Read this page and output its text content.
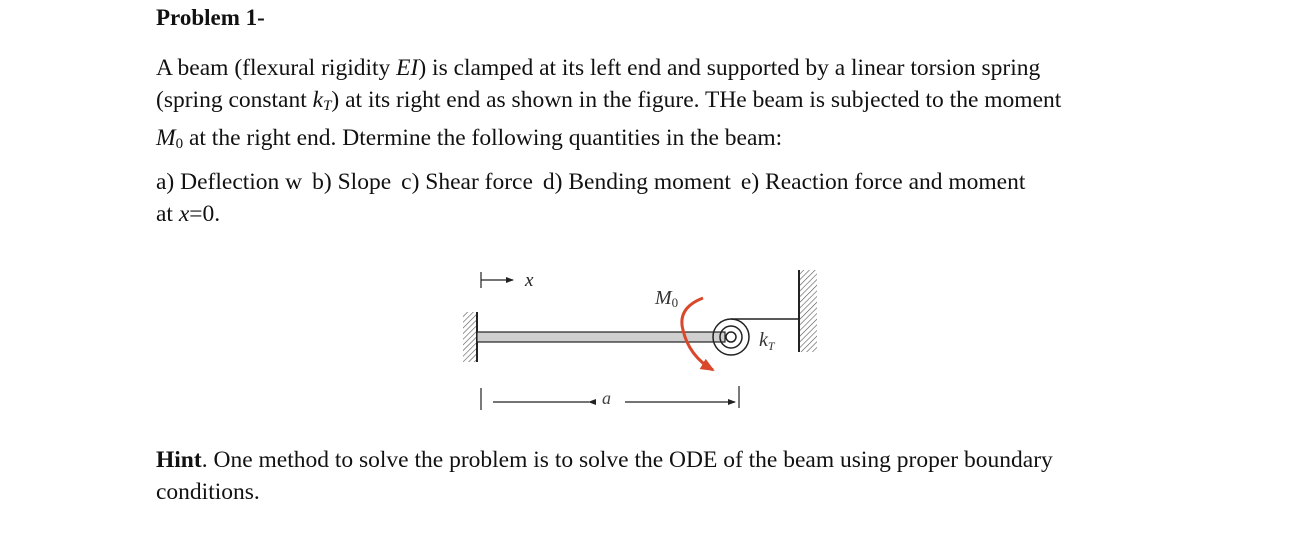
Problem 1-
A beam (flexural rigidity EI) is clamped at its left end and supported by a linear torsion spring
(spring constant $k_T$) at its right end as shown in the figure. THe beam is subjected to the moment
M0 at the right end. Dtermine the following quantities in the beam:
a) Deflection w b) Slope c) Shear force d) Bending moment e) Reaction force and moment
at x=0.
x
M0
$k_T$
a
Hint. One method to solve the problem is to solve the ODE of the beam using proper boundary
conditions.
